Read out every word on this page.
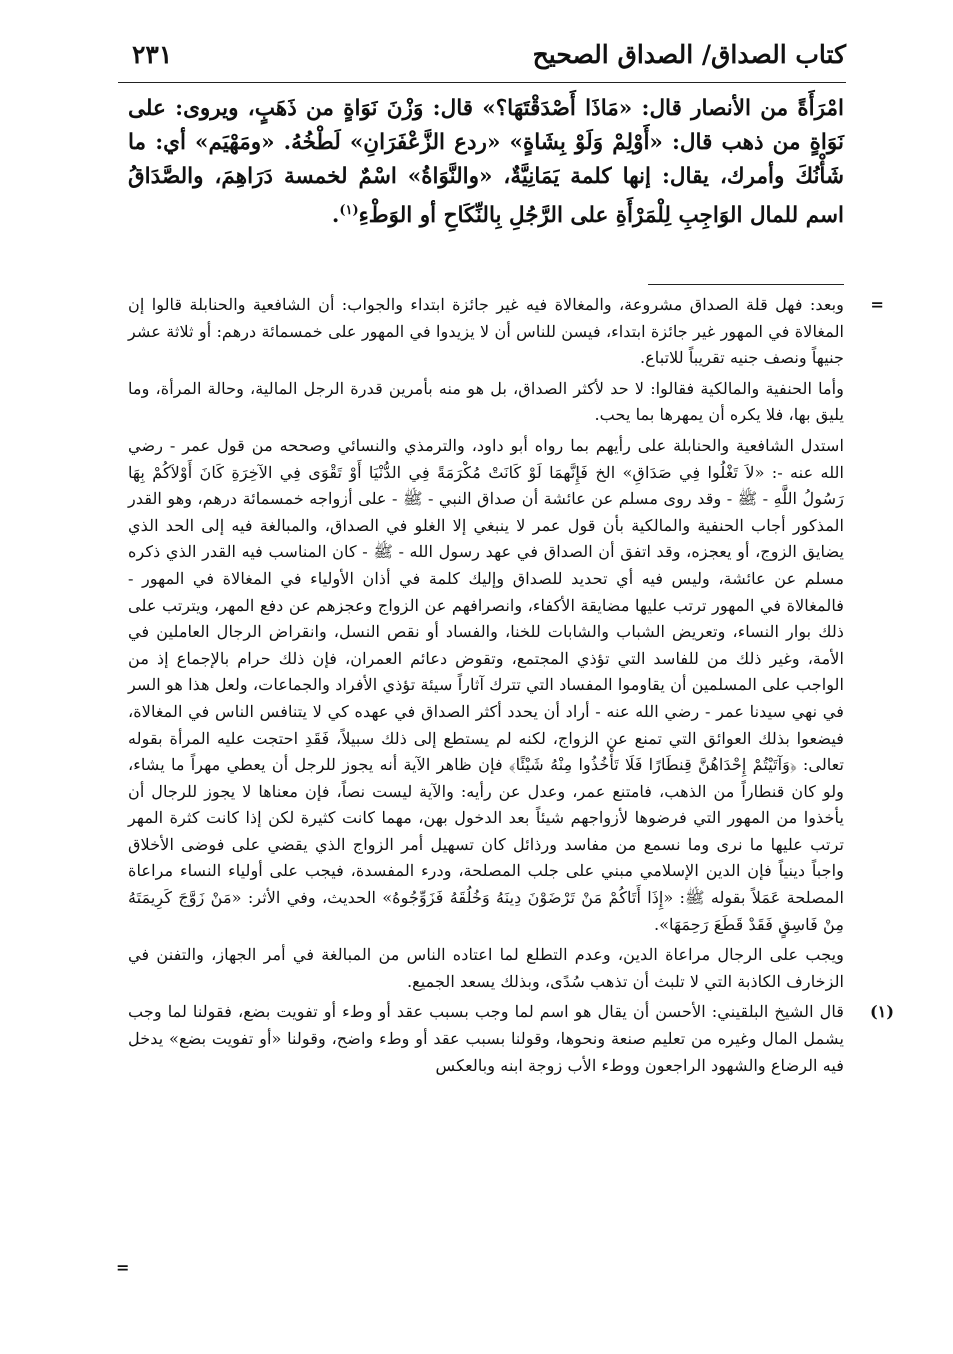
كتاب الصداق/ الصداق الصحيح
٢٣١

امْرَأَةً من الأنصار قال: «مَاذَا أَصْدَقْتَهَا؟» قال: وَزْنَ نَوَاةٍ من ذَهَبٍ، ويروى: على نَوَاةٍ من ذهب قال: «أَوْلِمْ وَلَوْ بِشَاةٍ» «ردع الزَّعْفَرَانِ» لَطْخُهُ. «ومَهْيَم» أي: ما شَأْنُكَ وأمرك، يقال: إنها كلمة يَمَانِيَّةٌ، «والنَّوَاةُ» اسْمٌ لخمسة دَرَاهِمَ، والصَّدَاقُ اسم للمال الوَاجِبِ لِلْمَرْأَةِ على الرَّجُلِ بِالنِّكَاحِ أو الوَطْءِ$^{(١)}$.

=

وبعد: فهل قلة الصداق مشروعة، والمغالاة فيه غير جائزة ابتداء والجواب: أن الشافعية والحنابلة قالوا إن المغالاة في المهور غير جائزة ابتداء، فيسن للناس أن لا يزيدوا في المهور على خمسمائة درهم: أو ثلاثة عشر جنيهاً ونصف جنيه تقريباً للاتباع.

وأما الحنفية والمالكية فقالوا: لا حد لأكثر الصداق، بل هو منه بأمرين قدرة الرجل المالية، وحالة المرأة، وما يليق بها، فلا يكره أن يمهرها بما يحب.

استدل الشافعية والحنابلة على رأيهم بما رواه أبو داود، والترمذي والنسائي وصححه من قول عمر - رضي الله عنه -: «لاَ تَغْلُوا فِي صَدَاقِ» الخ فَإِنَّهمَا لَوْ كَانَتْ مُكْرَمَةً فِي الدُّنْيَا أَوْ تَقْوَى فِي الآخِرَةِ كَانَ أَوْلاَكُمْ بِهَا رَسُولُ اللَّهِ - ﷺ - وقد روى مسلم عن عائشة أن صداق النبي - ﷺ - على أزواجه خمسمائة درهم، وهو القدر المذكور أجاب الحنفية والمالكية بأن قول عمر لا ينبغي إلا الغلو في الصداق، والمبالغة فيه إلى الحد الذي يضايق الزوج، أو يعجزه، وقد اتفق أن الصداق في عهد رسول الله - ﷺ - كان المناسب فيه القدر الذي ذكره مسلم عن عائشة، وليس فيه أي تحديد للصداق وإليك كلمة في أذان الأولياء في المغالاة في المهور - فالمغالاة في المهور ترتب عليها مضايقة الأكفاء، وانصرافهم عن الزواج وعجزهم عن دفع المهر، ويترتب على ذلك بوار النساء، وتعريض الشباب والشابات للخنا، والفساد أو نقص النسل، وانقراض الرجال العاملين في الأمة، وغير ذلك من للفاسد التي تؤذي المجتمع، وتقوض دعائم العمران، فإن ذلك حرام بالإجماع إذ من الواجب على المسلمين أن يقاوموا المفساد التي تترك آثاراً سيئة تؤذي الأفراد والجماعات، ولعل هذا هو السر في نهي سيدنا عمر - رضي الله عنه - أراد أن يحدد أكثر الصداق في عهده كي لا يتنافس الناس في المغالاة، فيضعوا بذلك العوائق التي تمنع عن الزواج، لكنه لم يستطع إلى ذلك سبيلاً، فَقَدِ احتجت عليه المرأة بقوله تعالى: ﴿وَآتَيْتُمْ إِحْدَاهُنَّ قِنطَارًا فَلَا تَأْخُذُوا مِنْهُ شَيْئًا﴾ فإن ظاهر الآية أنه يجوز للرجل أن يعطي مهراً ما يشاء، ولو كان قنطاراً من الذهب، فامتنع عمر، وعدل عن رأيه: والآية ليست نصاً، فإن معناها لا يجوز للرجال أن يأخذوا من المهور التي فرضوها لأزواجهم شيئاً بعد الدخول بهن، مهما كانت كثيرة لكن إذا كانت كثرة المهر ترتب عليها ما نرى وما نسمع من مفاسد ورذائل كان تسهيل أمر الزواج الذي يقضي على فوضى الأخلاق واجباً دينياً فإن الدين الإسلامي مبني على جلب المصلحة، ودرء المفسدة، فيجب على أولياء النساء مراعاة المصلحة عَمَلاً بقوله ﷺ: «إِذَا أَتَاكُمْ مَنْ تَرْضَوْنَ دِينَهُ وَخُلُقَهُ فَزَوِّجُوهُ» الحديث، وفي الأثر: «مَنْ زَوَّجَ كَرِيمَتَهُ مِنْ فَاسِقٍ فَقَدْ قَطَعَ رَحِمَهَا».

ويجب على الرجال مراعاة الدين، وعدم التطلع لما اعتاده الناس من المبالغة في أمر الجهاز، والتفنن في الزخارف الكاذبة التي لا تلبث أن تذهب سُدًى، وبذلك يسعد الجميع.

(١)

قال الشيخ البلقيني: الأحسن أن يقال هو اسم لما وجب بسبب عقد أو وطء أو تفويت بضع، فقولنا لما وجب يشمل المال وغيره من تعليم صنعة ونحوها، وقولنا بسبب عقد أو وطء واضح، وقولنا «أو تفويت بضع» يدخل فيه الرضاع والشهود الراجعون ووطء الأب زوجة ابنه وبالعكس

=
